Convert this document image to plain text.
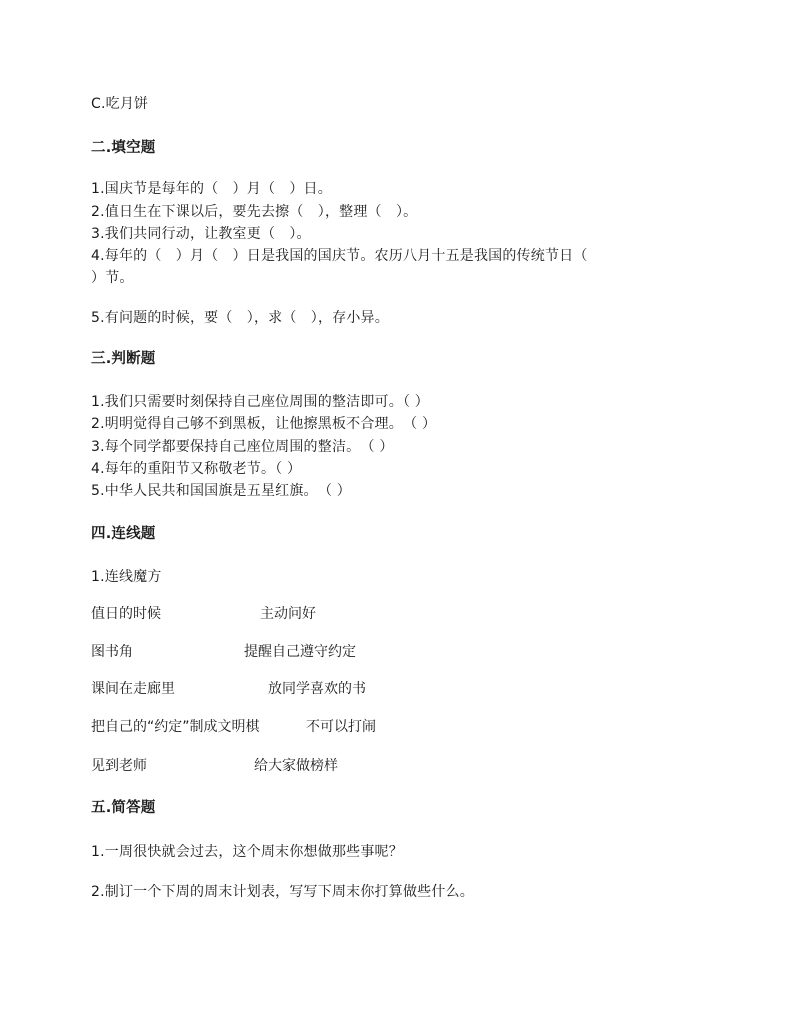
C.吃月饼
二.填空题
1.国庆节是每年的（　）月（　）日。
2.值日生在下课以后，要先去擦（　），整理（　）。
3.我们共同行动，让教室更（　）。
4.每年的（　）月（　）日是我国的国庆节。农历八月十五是我国的传统节日（
）节。
5.有问题的时候，要（　），求（　），存小异。
三.判断题
1.我们只需要时刻保持自己座位周围的整洁即可。（ ）
2.明明觉得自己够不到黑板，让他擦黑板不合理。　（ ）
3.每个同学都要保持自己座位周围的整洁。　（ ）
4.每年的重阳节又称敬老节。（ ）
5.中华人民共和国国旗是五星红旗。　（ ）
四.连线题
1.连线魔方
值日的时候	主动问好
图书角	提醒自己遵守约定
课间在走廊里	放同学喜欢的书
把自己的“约定”制成文明棋	不可以打闹
见到老师	给大家做榜样
五.简答题
1.一周很快就会过去，这个周末你想做那些事呢？
2.制订一个下周的周末计划表，写写下周末你打算做些什么。
